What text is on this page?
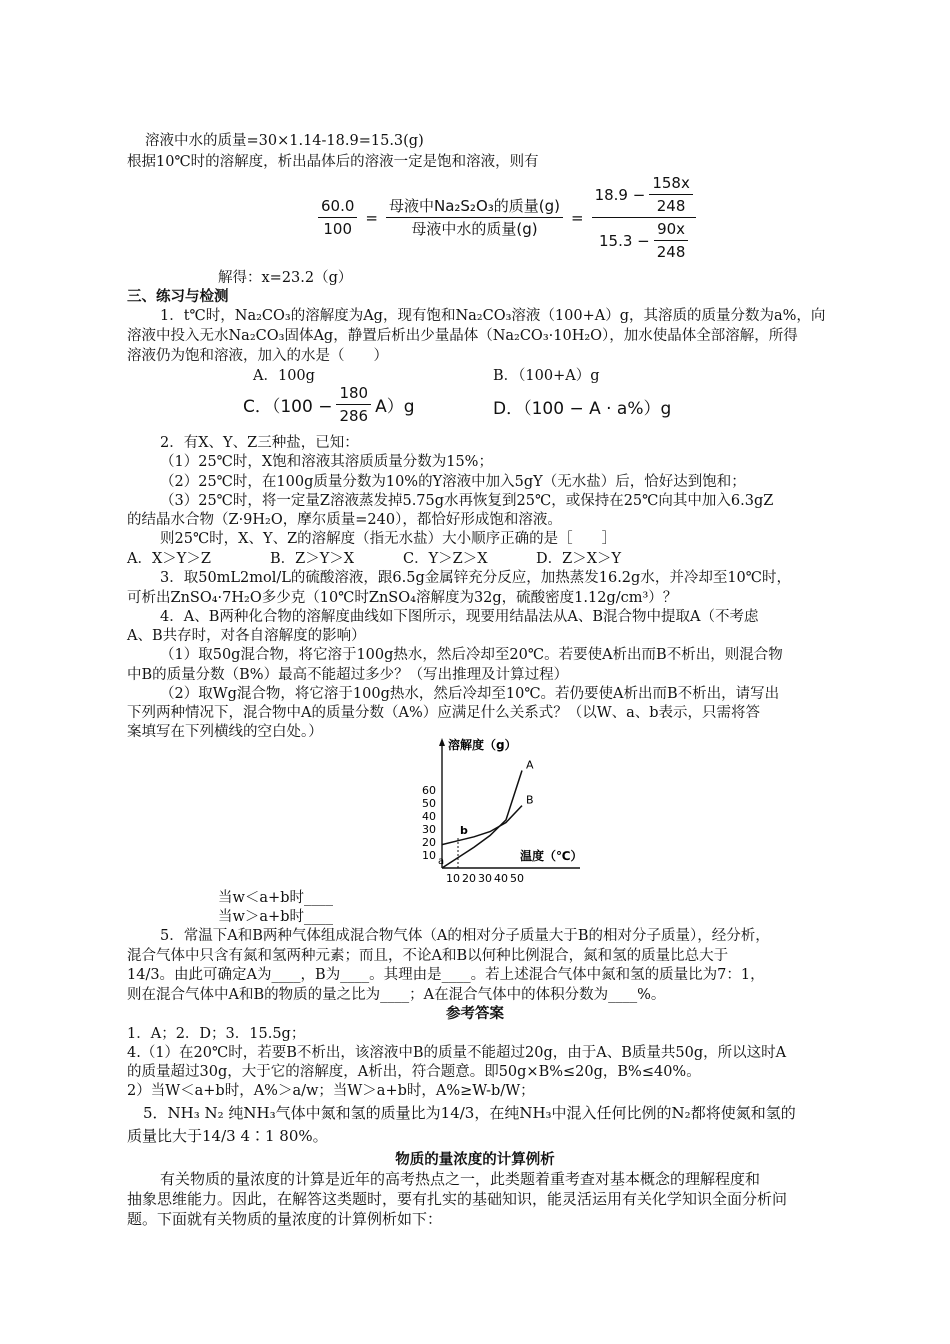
溶液中水的质量=30×1.14-18.9=15.3(g)
根据10℃时的溶解度，析出晶体后的溶液一定是饱和溶液，则有
$\frac{60.0}{100} = \frac{\text{母液中Na₂S₂O₃的质量(g)}}{\text{母液中水的质量(g)}} = \frac{18.9 - \frac{158x}{248}}{15.3 - \frac{90x}{248}}$
解得：x=23.2（g）
三、练习与检测
1．t℃时，Na₂CO₃的溶解度为Ag，现有饱和Na₂CO₃溶液（100+A）g，其溶质的质量分数为a%，向
溶液中投入无水Na₂CO₃固体Ag，静置后析出少量晶体（Na₂CO₃·10H₂O），加水使晶体全部溶解，所得
溶液仍为饱和溶液，加入的水是（　　）
A．100g	B．（100+A）g
C．$(100 - \frac{180}{286} A)g$	D．（100 − A · a%）g
2．有X、Y、Z三种盐，已知：
（1）25℃时，X饱和溶液其溶质质量分数为15%；
（2）25℃时，在100g质量分数为10%的Y溶液中加入5gY（无水盐）后，恰好达到饱和；
（3）25℃时，将一定量Z溶液蒸发掉5.75g水再恢复到25℃，或保持在25℃向其中加入6.3gZ
的结晶水合物（Z·9H₂O，摩尔质量=240），都恰好形成饱和溶液。
则25℃时，X、Y、Z的溶解度（指无水盐）大小顺序正确的是［　　］
A．X＞Y＞Z	B．Z＞Y＞X	C．Y＞Z＞X	D．Z＞X＞Y
3．取50mL2mol/L的硫酸溶液，跟6.5g金属锌充分反应，加热蒸发16.2g水，并冷却至10℃时，
可析出ZnSO₄·7H₂O多少克（10℃时ZnSO₄溶解度为32g，硫酸密度1.12g/cm³）？
4．A、B两种化合物的溶解度曲线如下图所示，现要用结晶法从A、B混合物中提取A（不考虑
A、B共存时，对各自溶解度的影响）
（1）取50g混合物，将它溶于100g热水，然后冷却至20℃。若要使A析出而B不析出，则混合物
中B的质量分数（B%）最高不能超过多少？（写出推理及计算过程）
（2）取Wg混合物，将它溶于100g热水，然后冷却至10℃。若仍要使A析出而B不析出，请写出
下列两种情况下，混合物中A的质量分数（A%）应满足什么关系式？（以W、a、b表示，只需将答
案填写在下列横线的空白处。）
溶解度（g）
温度（℃）
10
20
30
40
50
60
10 20 30 40 50
A
B
a
b
当w＜a+b时____
当w＞a+b时____
5．常温下A和B两种气体组成混合物气体（A的相对分子质量大于B的相对分子质量），经分析，
混合气体中只含有氮和氢两种元素；而且，不论A和B以何种比例混合，氮和氢的质量比总大于
14/3。由此可确定A为____，B为____。其理由是____。若上述混合气体中氮和氢的质量比为7：1，
则在混合气体中A和B的物质的量之比为____；A在混合气体中的体积分数为____%。
参考答案
1．A；2．D；3．15.5g；
4.（1）在20℃时，若要B不析出，该溶液中B的质量不能超过20g，由于A、B质量共50g，所以这时A
的质量超过30g，大于它的溶解度，A析出，符合题意。即50g×B%≤20g，B%≤40%。
2）当W＜a+b时，A%＞a/w；当W＞a+b时，A%≥W-b/W；
5．NH₃ N₂ 纯NH₃气体中氮和氢的质量比为14/3，在纯NH₃中混入任何比例的N₂都将使氮和氢的
质量比大于14/3 4∶1 80%。
物质的量浓度的计算例析
有关物质的量浓度的计算是近年的高考热点之一，此类题着重考查对基本概念的理解程度和
抽象思维能力。因此，在解答这类题时，要有扎实的基础知识，能灵活运用有关化学知识全面分析问
题。下面就有关物质的量浓度的计算例析如下：
